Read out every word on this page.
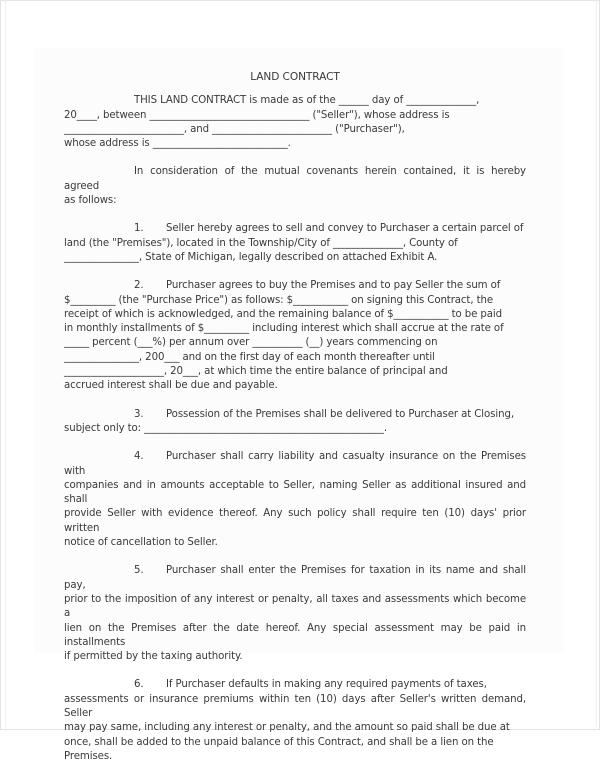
LAND CONTRACT

THIS LAND CONTRACT is made as of the ______ day of ______________,

20____, between ________________________________ ("Seller"), whose address is

________________________, and ________________________ ("Purchaser"),

whose address is ___________________________.

In consideration of the mutual covenants herein contained, it is hereby agreed

as follows:

1. Seller hereby agrees to sell and convey to Purchaser a certain parcel of

land (the "Premises"), located in the Township/City of ______________, County of

_______________, State of Michigan, legally described on attached Exhibit A.

2. Purchaser agrees to buy the Premises and to pay Seller the sum of

$_________ (the "Purchase Price") as follows: $___________ on signing this Contract, the

receipt of which is acknowledged, and the remaining balance of $___________ to be paid

in monthly installments of $_________ including interest which shall accrue at the rate of

_____ percent (___%) per annum over __________ (__) years commencing on

_______________, 200___ and on the first day of each month thereafter until

____________________, 20___, at which time the entire balance of principal and

accrued interest shall be due and payable.

3. Possession of the Premises shall be delivered to Purchaser at Closing,

subject only to: ________________________________________________.

4. Purchaser shall carry liability and casualty insurance on the Premises with

companies and in amounts acceptable to Seller, naming Seller as additional insured and shall

provide Seller with evidence thereof. Any such policy shall require ten (10) days' prior written

notice of cancellation to Seller.

5. Purchaser shall enter the Premises for taxation in its name and shall pay,

prior to the imposition of any interest or penalty, all taxes and assessments which become a

lien on the Premises after the date hereof. Any special assessment may be paid in installments

if permitted by the taxing authority.

6. If Purchaser defaults in making any required payments of taxes,

assessments or insurance premiums within ten (10) days after Seller's written demand, Seller

may pay same, including any interest or penalty, and the amount so paid shall be due at

once, shall be added to the unpaid balance of this Contract, and shall be a lien on the

Premises.
